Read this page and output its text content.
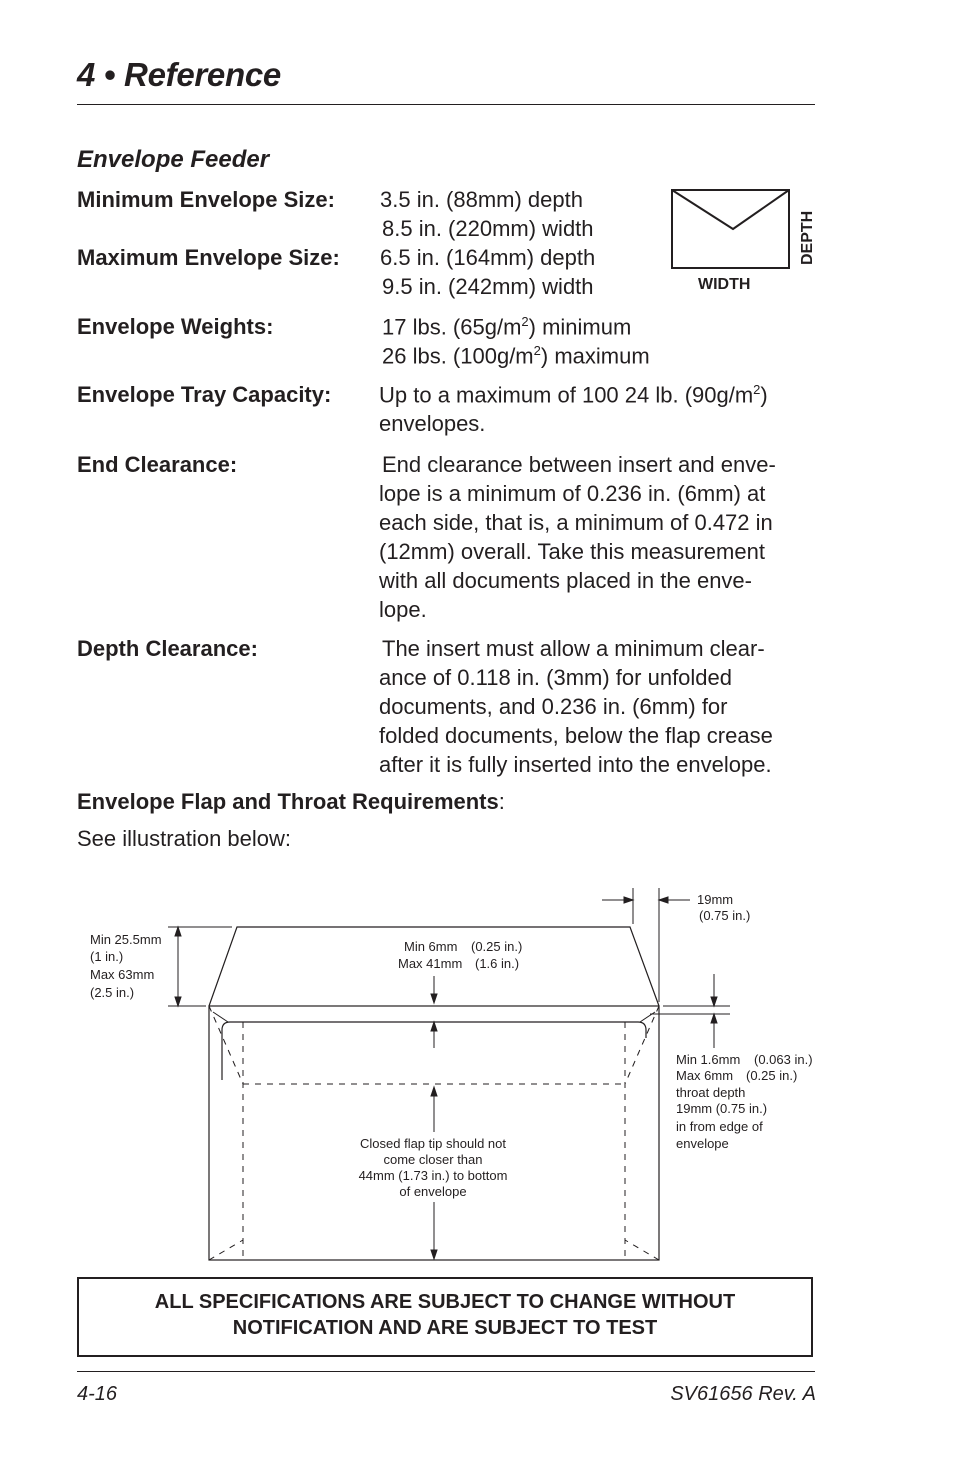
4 • Reference
Envelope Feeder
Minimum Envelope Size: 3.5 in. (88mm) depth
8.5 in. (220mm) width
Maximum Envelope Size: 6.5 in. (164mm) depth
9.5 in. (242mm) width
DEPTH
WIDTH
Envelope Weights:	17 lbs. $(65g/m^2)$ minimum
26 lbs. $(100g/m^2)$ maximum
Envelope Tray Capacity: Up to a maximum of 100 24 lb. $(90g/m^2)$
envelopes.
End Clearance:	End clearance between insert and enve-
lope is a minimum of 0.236 in. (6mm) at
each side, that is, a minimum of 0.472 in
(12mm) overall. Take this measurement
with all documents placed in the enve-
lope.
Depth Clearance:	The insert must allow a minimum clear-
ance of 0.118 in. (3mm) for unfolded
documents, and 0.236 in. (6mm) for
folded documents, below the flap crease
after it is fully inserted into the envelope.
Envelope Flap and Throat Requirements:
See illustration below:
Min 25.5mm
(1 in.)
Max 63mm
(2.5 in.)
19mm
(0.75 in.)
Min 6mm (0.25 in.)
Max 41mm (1.6 in.)
Min 1.6mm (0.063 in.)
Max 6mm (0.25 in.)
throat depth
19mm (0.75 in.)
in from edge of
envelope
Closed flap tip should not
come closer than
44mm (1.73 in.) to bottom
of envelope
ALL SPECIFICATIONS ARE SUBJECT TO CHANGE WITHOUT
NOTIFICATION AND ARE SUBJECT TO TEST
4-16	SV61656 Rev. A
